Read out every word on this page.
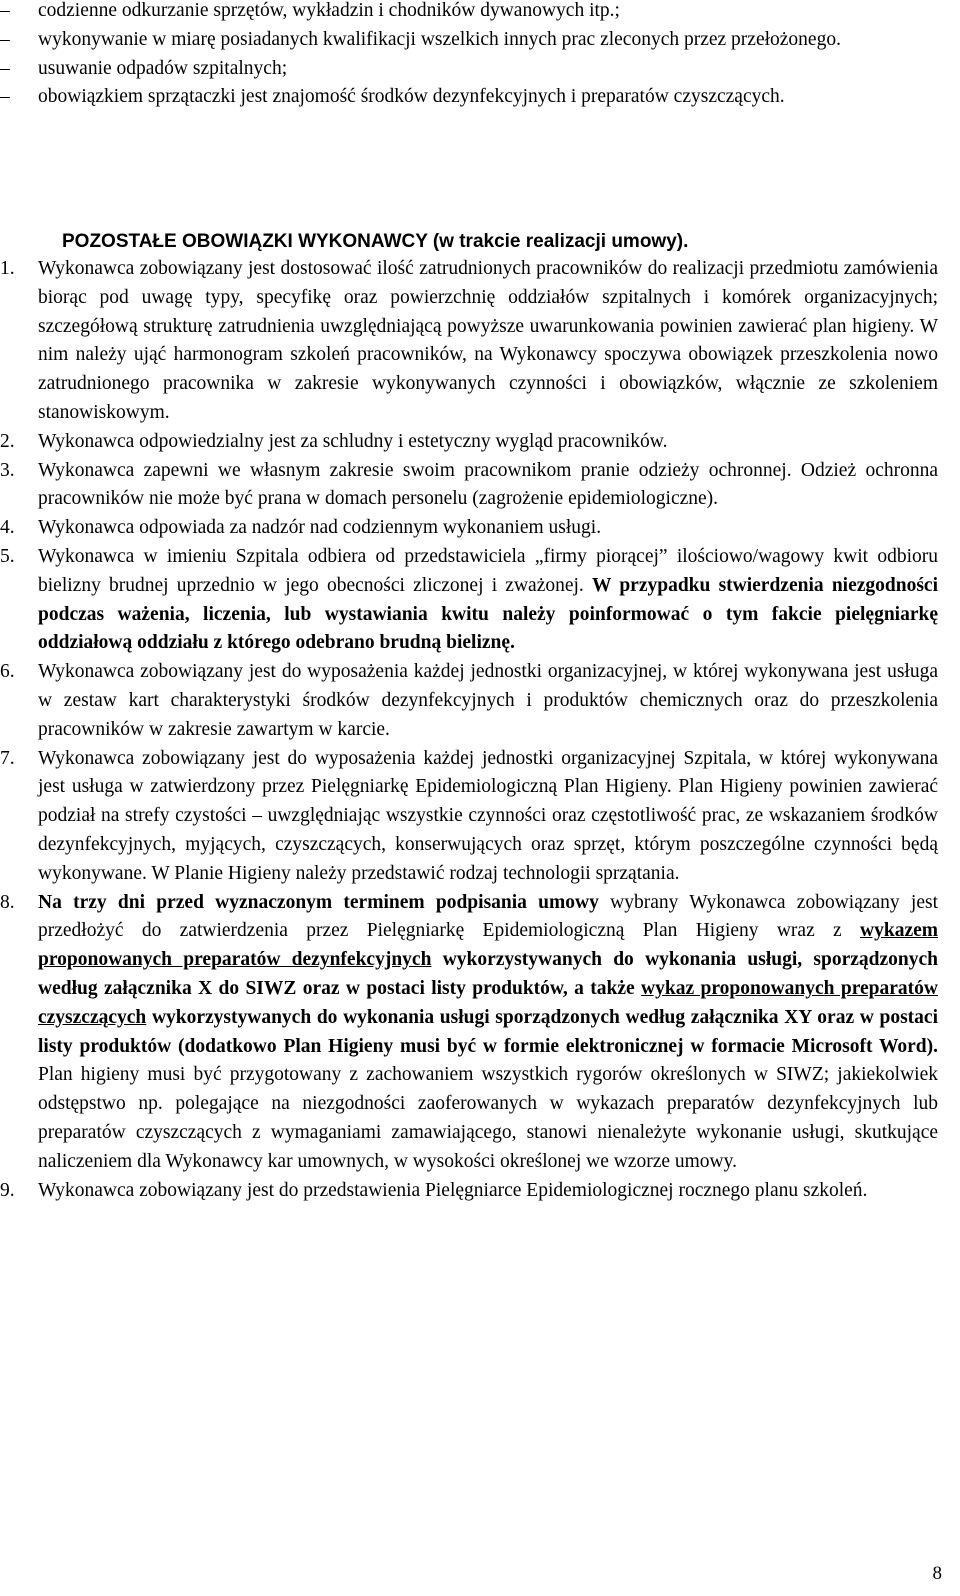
–	codzienne odkurzanie sprzętów, wykładzin i chodników dywanowych itp.;
–	wykonywanie w miarę posiadanych kwalifikacji wszelkich innych prac zleconych przez przełożonego.
–	usuwanie odpadów szpitalnych;
–	obowiązkiem sprzątaczki jest znajomość środków dezynfekcyjnych i preparatów czyszczących.
POZOSTAŁE OBOWIĄZKI WYKONAWCY (w trakcie realizacji umowy).
1.	Wykonawca zobowiązany jest dostosować ilość zatrudnionych pracowników do realizacji przedmiotu zamówienia biorąc pod uwagę typy, specyfikę oraz powierzchnię oddziałów szpitalnych i komórek organizacyjnych; szczegółową strukturę zatrudnienia uwzględniającą powyższe uwarunkowania powinien zawierać plan higieny. W nim należy ująć harmonogram szkoleń pracowników, na Wykonawcy spoczywa obowiązek przeszkolenia nowo zatrudnionego pracownika w zakresie wykonywanych czynności i obowiązków, włącznie ze szkoleniem stanowiskowym.
2.	Wykonawca odpowiedzialny jest za schludny i estetyczny wygląd pracowników.
3.	Wykonawca zapewni we własnym zakresie swoim pracownikom pranie odzieży ochronnej. Odzież ochronna pracowników nie może być prana w domach personelu (zagrożenie epidemiologiczne).
4.	Wykonawca odpowiada za nadzór nad codziennym wykonaniem usługi.
5.	Wykonawca w imieniu Szpitala odbiera od przedstawiciela „firmy piorącej” ilościowo/wagowy kwit odbioru bielizny brudnej uprzednio w jego obecności zliczonej i zważonej. W przypadku stwierdzenia niezgodności podczas ważenia, liczenia, lub wystawiania kwitu należy poinformować o tym fakcie pielęgniarkę oddziałową oddziału z którego odebrano brudną bieliznę.
6.	Wykonawca zobowiązany jest do wyposażenia każdej jednostki organizacyjnej, w której wykonywana jest usługa w zestaw kart charakterystyki środków dezynfekcyjnych i produktów chemicznych oraz do przeszkolenia pracowników w zakresie zawartym w karcie.
7.	Wykonawca zobowiązany jest do wyposażenia każdej jednostki organizacyjnej Szpitala, w której wykonywana jest usługa w zatwierdzony przez Pielęgniarkę Epidemiologiczną Plan Higieny. Plan Higieny powinien zawierać podział na strefy czystości – uwzględniając wszystkie czynności oraz częstotliwość prac, ze wskazaniem środków dezynfekcyjnych, myjących, czyszczących, konserwujących oraz sprzęt, którym poszczególne czynności będą wykonywane. W Planie Higieny należy przedstawić rodzaj technologii sprzątania.
8.	Na trzy dni przed wyznaczonym terminem podpisania umowy wybrany Wykonawca zobowiązany jest przedłożyć do zatwierdzenia przez Pielęgniarkę Epidemiologiczną Plan Higieny wraz z wykazem proponowanych preparatów dezynfekcyjnych wykorzystywanych do wykonania usługi, sporządzonych według załącznika X do SIWZ oraz w postaci listy produktów, a także wykaz proponowanych preparatów czyszczących wykorzystywanych do wykonania usługi sporządzonych według załącznika XY oraz w postaci listy produktów (dodatkowo Plan Higieny musi być w formie elektronicznej w formacie Microsoft Word). Plan higieny musi być przygotowany z zachowaniem wszystkich rygorów określonych w SIWZ; jakiekolwiek odstępstwo np. polegające na niezgodności zaoferowanych w wykazach preparatów dezynfekcyjnych lub preparatów czyszczących z wymaganiami zamawiającego, stanowi nienależyte wykonanie usługi, skutkujące naliczeniem dla Wykonawcy kar umownych, w wysokości określonej we wzorze umowy.
9.	Wykonawca zobowiązany jest do przedstawienia Pielęgniarce Epidemiologicznej rocznego planu szkoleń.
8
